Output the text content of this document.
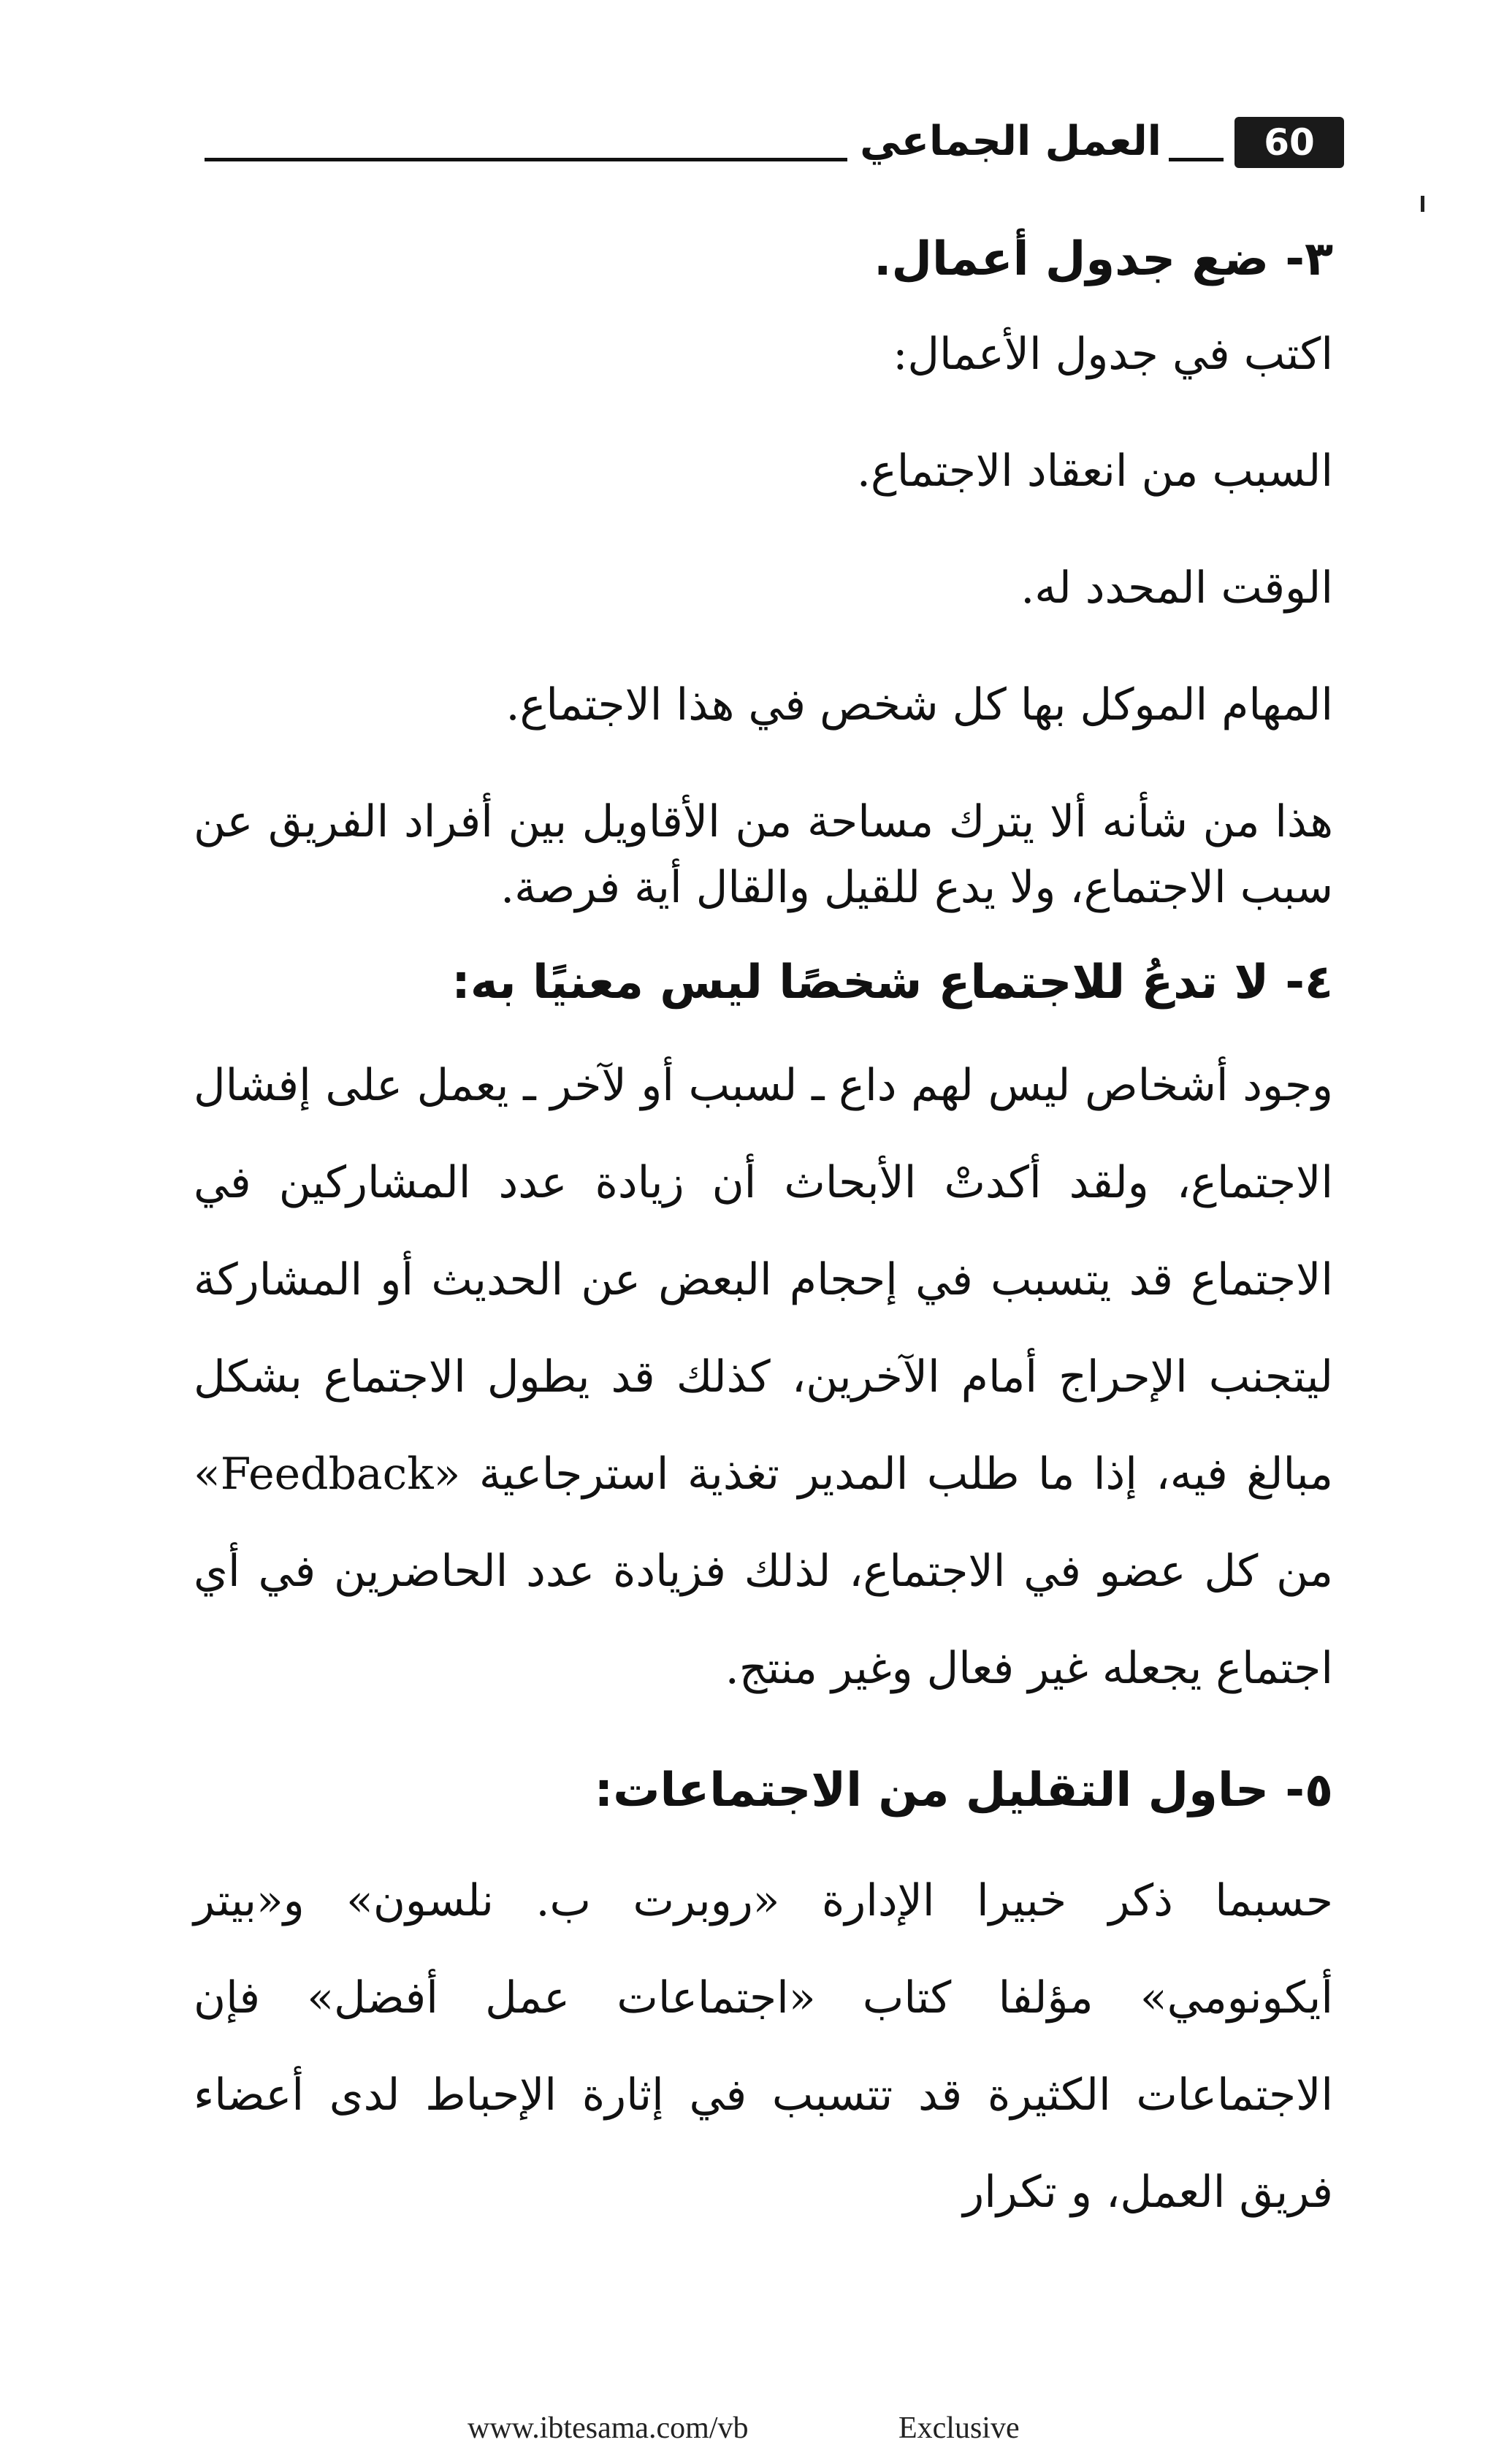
60
العمل الجماعي
٣- ضع جدول أعمال.
اكتب في جدول الأعمال:
السبب من انعقاد الاجتماع.
الوقت المحدد له.
المهام الموكل بها كل شخص في هذا الاجتماع.
هذا من شأنه ألا يترك مساحة من الأقاويل بين أفراد الفريق عن سبب الاجتماع، ولا يدع للقيل والقال أية فرصة.
٤- لا تدعُ للاجتماع شخصًا ليس معنيًا به:
وجود أشخاص ليس لهم داع ـ لسبب أو لآخر ـ يعمل على إفشال الاجتماع، ولقد أكدتْ الأبحاث أن زيادة عدد المشاركين في الاجتماع قد يتسبب في إحجام البعض عن الحديث أو المشاركة ليتجنب الإحراج أمام الآخرين، كذلك قد يطول الاجتماع بشكل مبالغ فيه، إذا ما طلب المدير تغذية استرجاعية «Feedback» من كل عضو في الاجتماع، لذلك فزيادة عدد الحاضرين في أي اجتماع يجعله غير فعال وغير منتج.
٥- حاول التقليل من الاجتماعات:
حسبما ذكر خبيرا الإدارة «روبرت ب. نلسون» و«بيتر أيكونومي» مؤلفا كتاب «اجتماعات عمل أفضل» فإن الاجتماعات الكثيرة قد تتسبب في إثارة الإحباط لدى أعضاء فريق العمل، و تكرار
www.ibtesama.com/vb	Exclusive
